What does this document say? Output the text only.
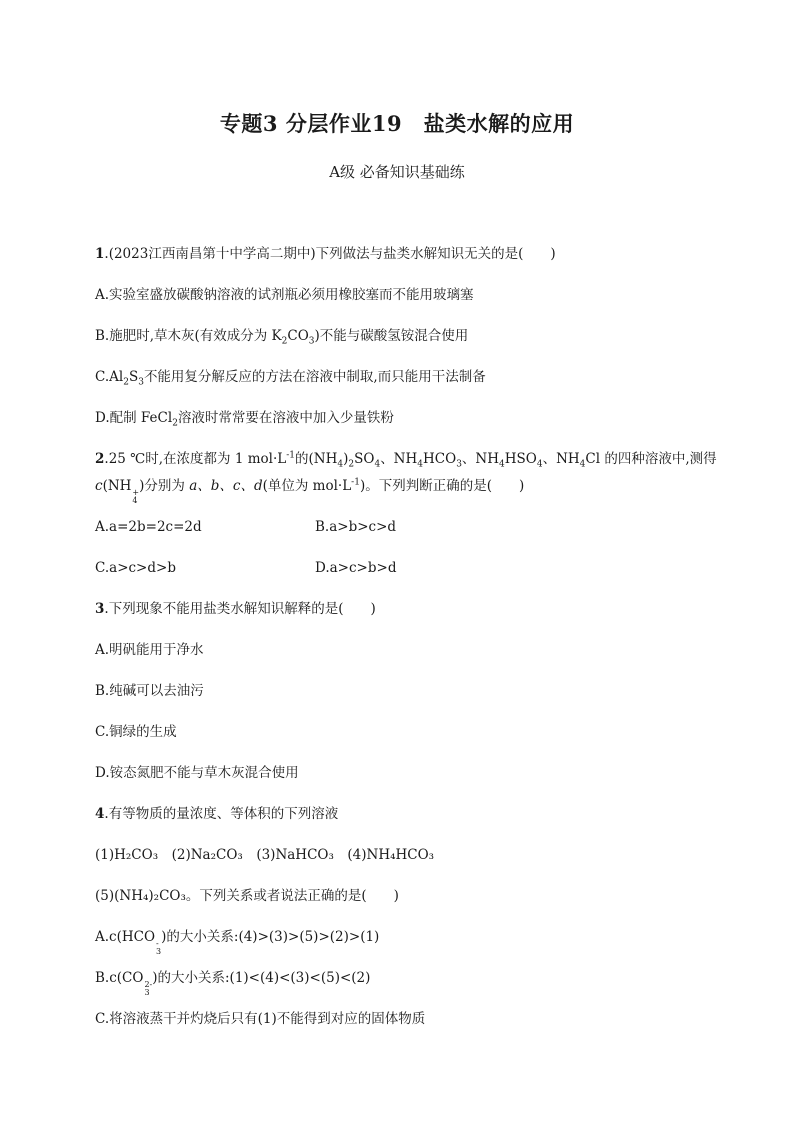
专题3 分层作业19　盐类水解的应用
A级 必备知识基础练
1.(2023江西南昌第十中学高二期中)下列做法与盐类水解知识无关的是(　　)
A.实验室盛放碳酸钠溶液的试剂瓶必须用橡胶塞而不能用玻璃塞
B.施肥时,草木灰(有效成分为 $K_2CO_3$)不能与碳酸氢铵混合使用
$C.Al_2S_3$不能用复分解反应的方法在溶液中制取,而只能用干法制备
D.配制 FeCl$_2$溶液时常常要在溶液中加入少量铁粉
2.25 ℃时,在浓度都为 1 $mol\cdot L^{-1}$的$(NH_4)_2SO_4$、$NH_4HCO_3$、$NH_4HSO_4$、$NH_4Cl$ 的四种溶液中,测得
c(NH +
4
)分别为 a、b、c、d(单位为 $mol\cdot L^{-1}$)。下列判断正确的是(　　)
A.a=2b=2c=2d	B.a>b>c>d
C.a>c>d>b	D.a>c>b>d
3.下列现象不能用盐类水解知识解释的是(　　)
A.明矾能用于净水
B.纯碱可以去油污
C.铜绿的生成
D.铵态氮肥不能与草木灰混合使用
4.有等物质的量浓度、等体积的下列溶液
(1)H₂CO₃　(2)Na₂CO₃　(3)NaHCO₃　(4)NH₄HCO₃
(5)(NH₄)₂CO₃。下列关系或者说法正确的是(　　)
A.c(HCO -
3
)的大小关系:(4)>(3)>(5)>(2)>(1)
B.c(CO 2-
3
)的大小关系:(1)<(4)<(3)<(5)<(2)
C.将溶液蒸干并灼烧后只有(1)不能得到对应的固体物质
